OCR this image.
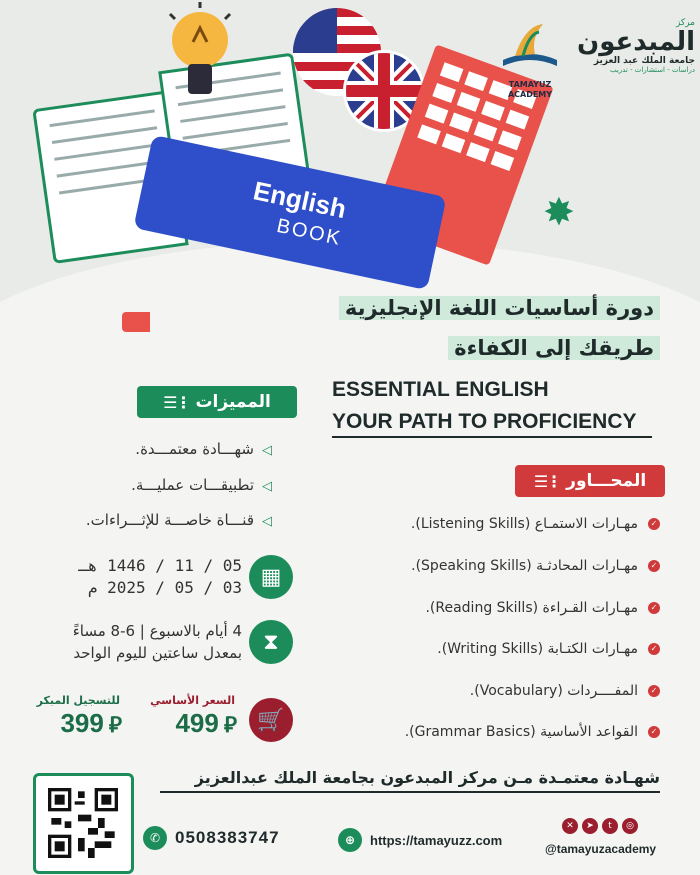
English
BOOK	✸
TAMAYUZ
ACADEMY
مركز
المبدعون
جامعة الملك عبد العزيز
دراسات - استشارات - تدريب
دورة أساسيات اللغة الإنجليزية
طريقك إلى الكفاءة
ESSENTIAL ENGLISH
YOUR PATH TO PROFICIENCY
المميزات
⋮☰
◁شهـــادة معتمـــدة.
◁تطبيقـــات عمليـــة.
◁قنـــاة خاصـــة للإثـــراءات.
المحـــاور
⋮☰
✓مهـارات الاستمـاع (Listening Skills).
✓مهـارات المحادثـة (Speaking Skills).
✓مهـارات القـراءة (Reading Skills).
✓مهـارات الكتـابة (Writing Skills).
✓المفــــردات (Vocabulary).
✓القواعد الأساسية (Grammar Basics).
▦
05 / 11 / 1446 هـ
03 / 05 / 2025 م
⧗
4 أيام بالاسبوع | 6-8 مساءً
بمعدل ساعتين لليوم الواحد
🛒
السعر الأساسي
499 ⃁
للتسجيل المبكر
399 ⃁
شهـادة معتمـدة مـن مركز المبدعون بجامعة الملك عبدالعزيز
✆ 0508383747	⊕	https://tamayuzz.com
✕	➤	t	◎
@tamayuzacademy
